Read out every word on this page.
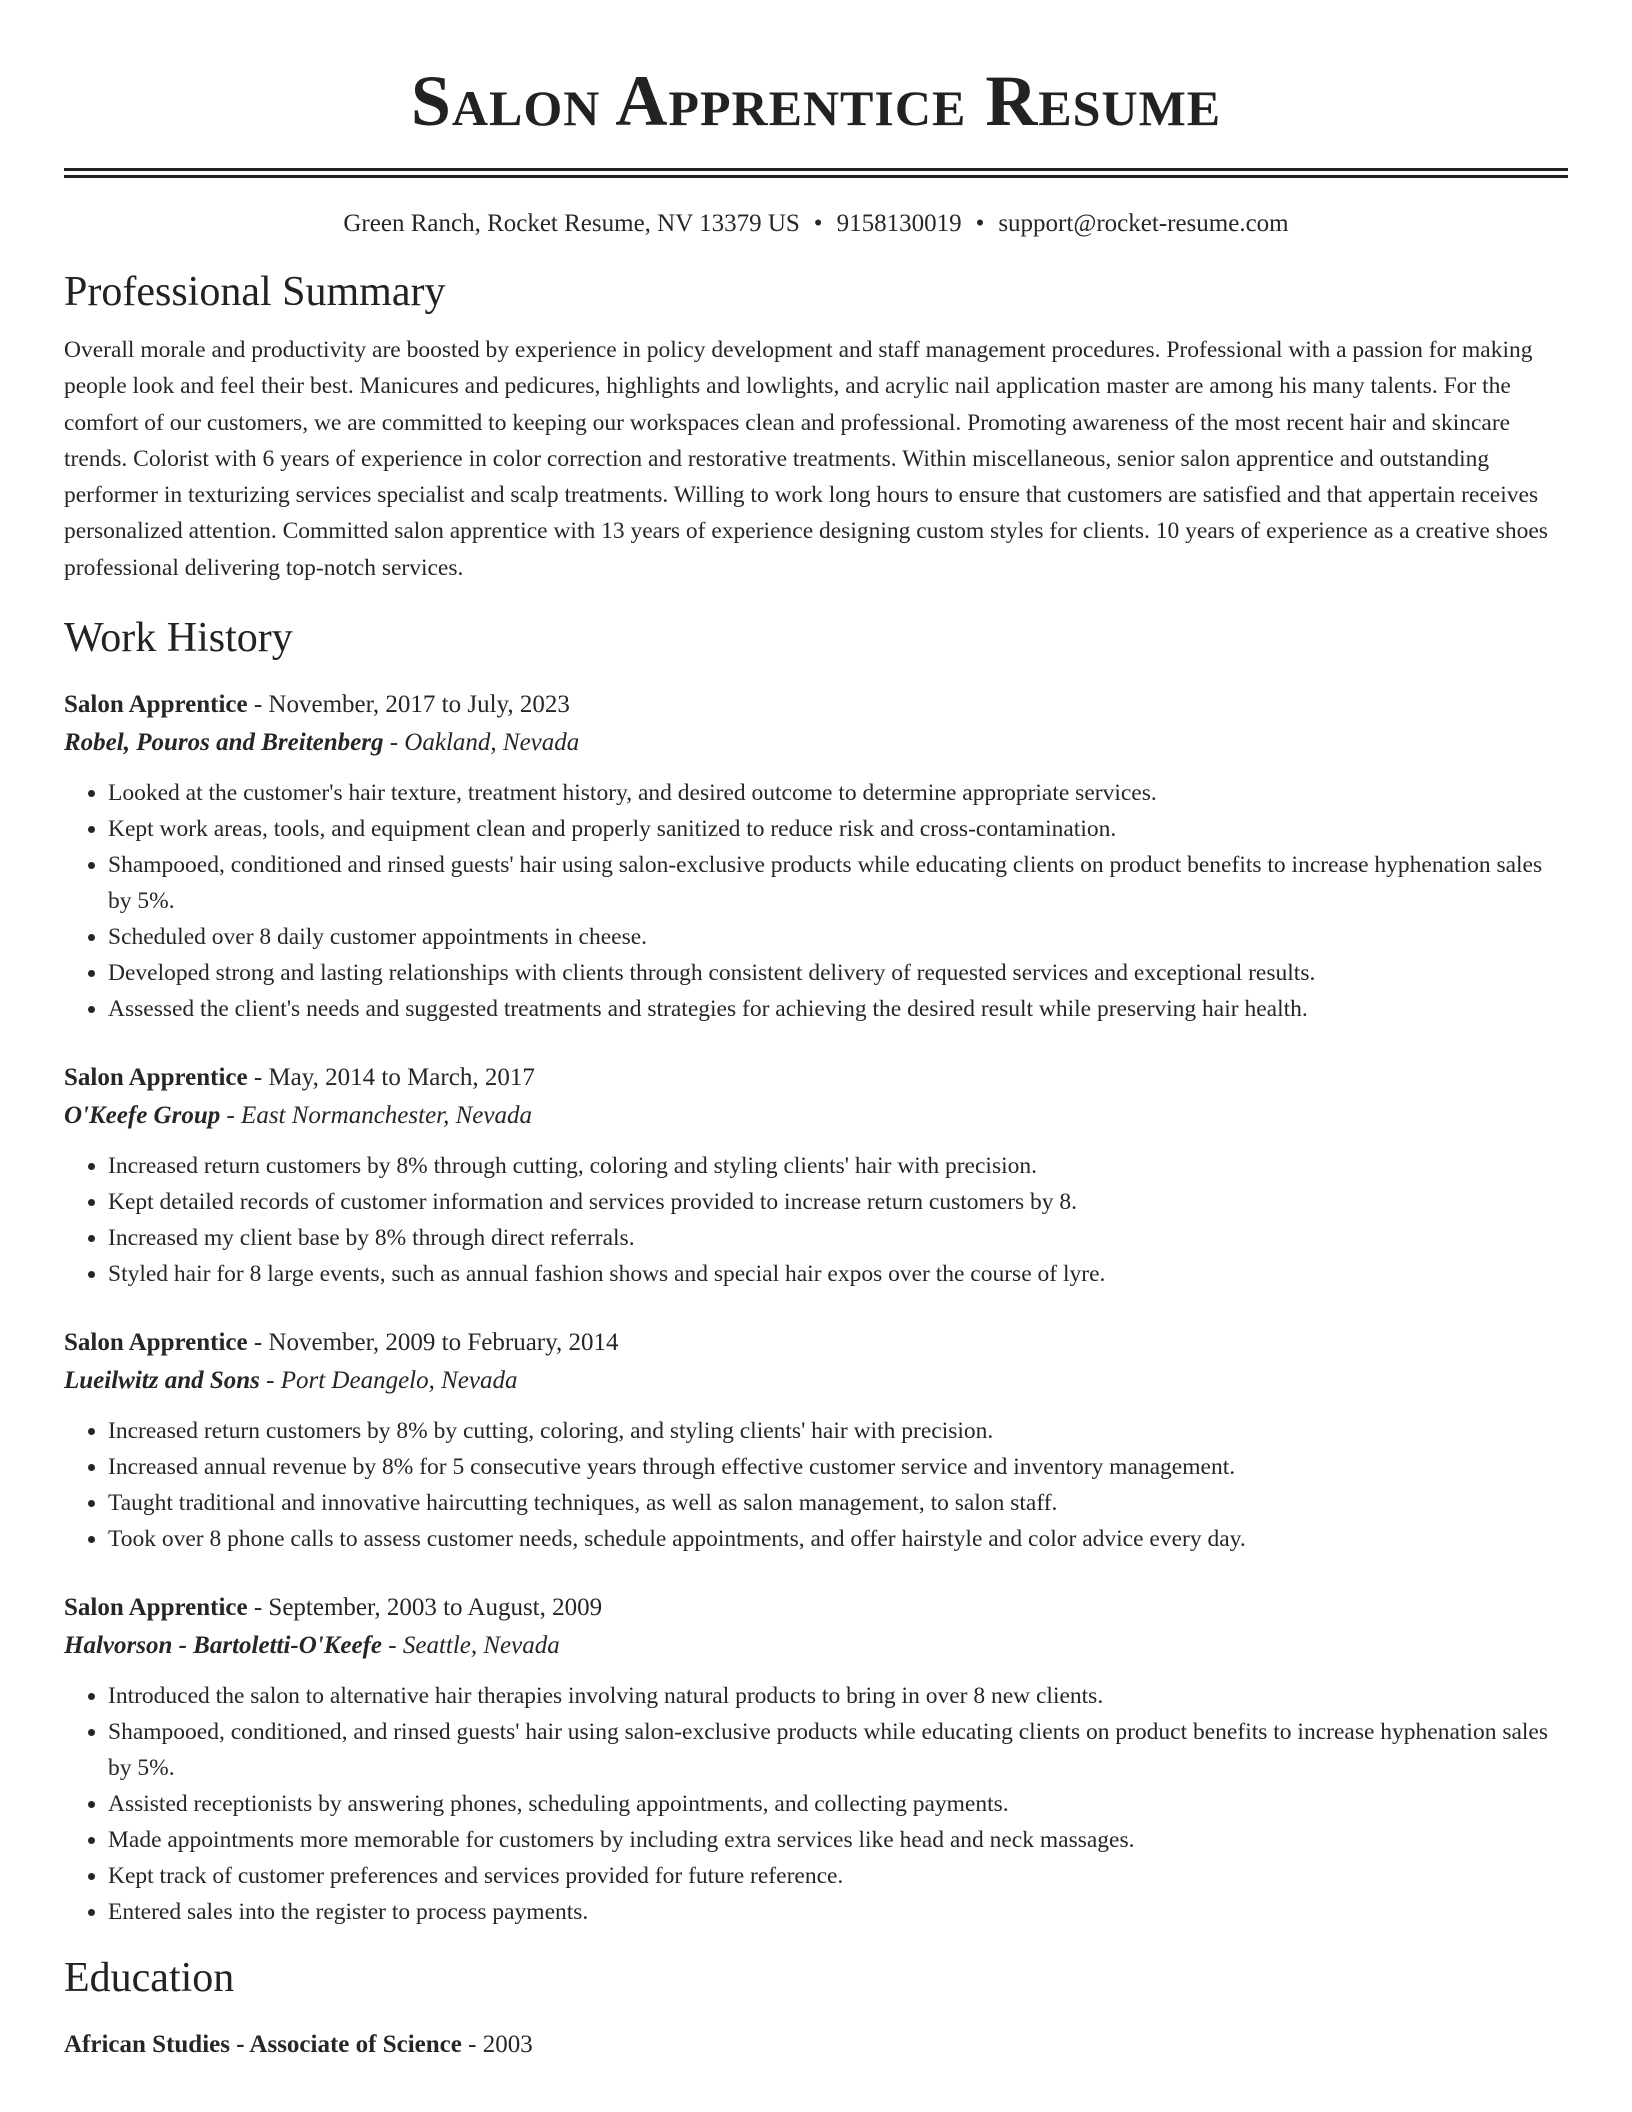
Salon Apprentice Resume
Green Ranch, Rocket Resume, NV 13379 US • 9158130019 • support@rocket-resume.com
Professional Summary

Overall morale and productivity are boosted by experience in policy development and staff management procedures. Professional with a passion for making people look and feel their best. Manicures and pedicures, highlights and lowlights, and acrylic nail application master are among his many talents. For the comfort of our customers, we are committed to keeping our workspaces clean and professional. Promoting awareness of the most recent hair and skincare trends. Colorist with 6 years of experience in color correction and restorative treatments. Within miscellaneous, senior salon apprentice and outstanding performer in texturizing services specialist and scalp treatments. Willing to work long hours to ensure that customers are satisfied and that appertain receives personalized attention. Committed salon apprentice with 13 years of experience designing custom styles for clients. 10 years of experience as a creative shoes professional delivering top-notch services.

Work History
Salon Apprentice - November, 2017 to July, 2023
Robel, Pouros and Breitenberg - Oakland, Nevada
• Looked at the customer's hair texture, treatment history, and desired outcome to determine appropriate services.
• Kept work areas, tools, and equipment clean and properly sanitized to reduce risk and cross-contamination.
• Shampooed, conditioned and rinsed guests' hair using salon-exclusive products while educating clients on product benefits to increase hyphenation sales by 5%.
• Scheduled over 8 daily customer appointments in cheese.
• Developed strong and lasting relationships with clients through consistent delivery of requested services and exceptional results.
• Assessed the client's needs and suggested treatments and strategies for achieving the desired result while preserving hair health.
Salon Apprentice - May, 2014 to March, 2017
O'Keefe Group - East Normanchester, Nevada
• Increased return customers by 8% through cutting, coloring and styling clients' hair with precision.
• Kept detailed records of customer information and services provided to increase return customers by 8.
• Increased my client base by 8% through direct referrals.
• Styled hair for 8 large events, such as annual fashion shows and special hair expos over the course of lyre.
Salon Apprentice - November, 2009 to February, 2014
Lueilwitz and Sons - Port Deangelo, Nevada
• Increased return customers by 8% by cutting, coloring, and styling clients' hair with precision.
• Increased annual revenue by 8% for 5 consecutive years through effective customer service and inventory management.
• Taught traditional and innovative haircutting techniques, as well as salon management, to salon staff.
• Took over 8 phone calls to assess customer needs, schedule appointments, and offer hairstyle and color advice every day.
Salon Apprentice - September, 2003 to August, 2009
Halvorson - Bartoletti-O'Keefe - Seattle, Nevada
• Introduced the salon to alternative hair therapies involving natural products to bring in over 8 new clients.
• Shampooed, conditioned, and rinsed guests' hair using salon-exclusive products while educating clients on product benefits to increase hyphenation sales by 5%.
• Assisted receptionists by answering phones, scheduling appointments, and collecting payments.
• Made appointments more memorable for customers by including extra services like head and neck massages.
• Kept track of customer preferences and services provided for future reference.
• Entered sales into the register to process payments.
Education
African Studies - Associate of Science - 2003
